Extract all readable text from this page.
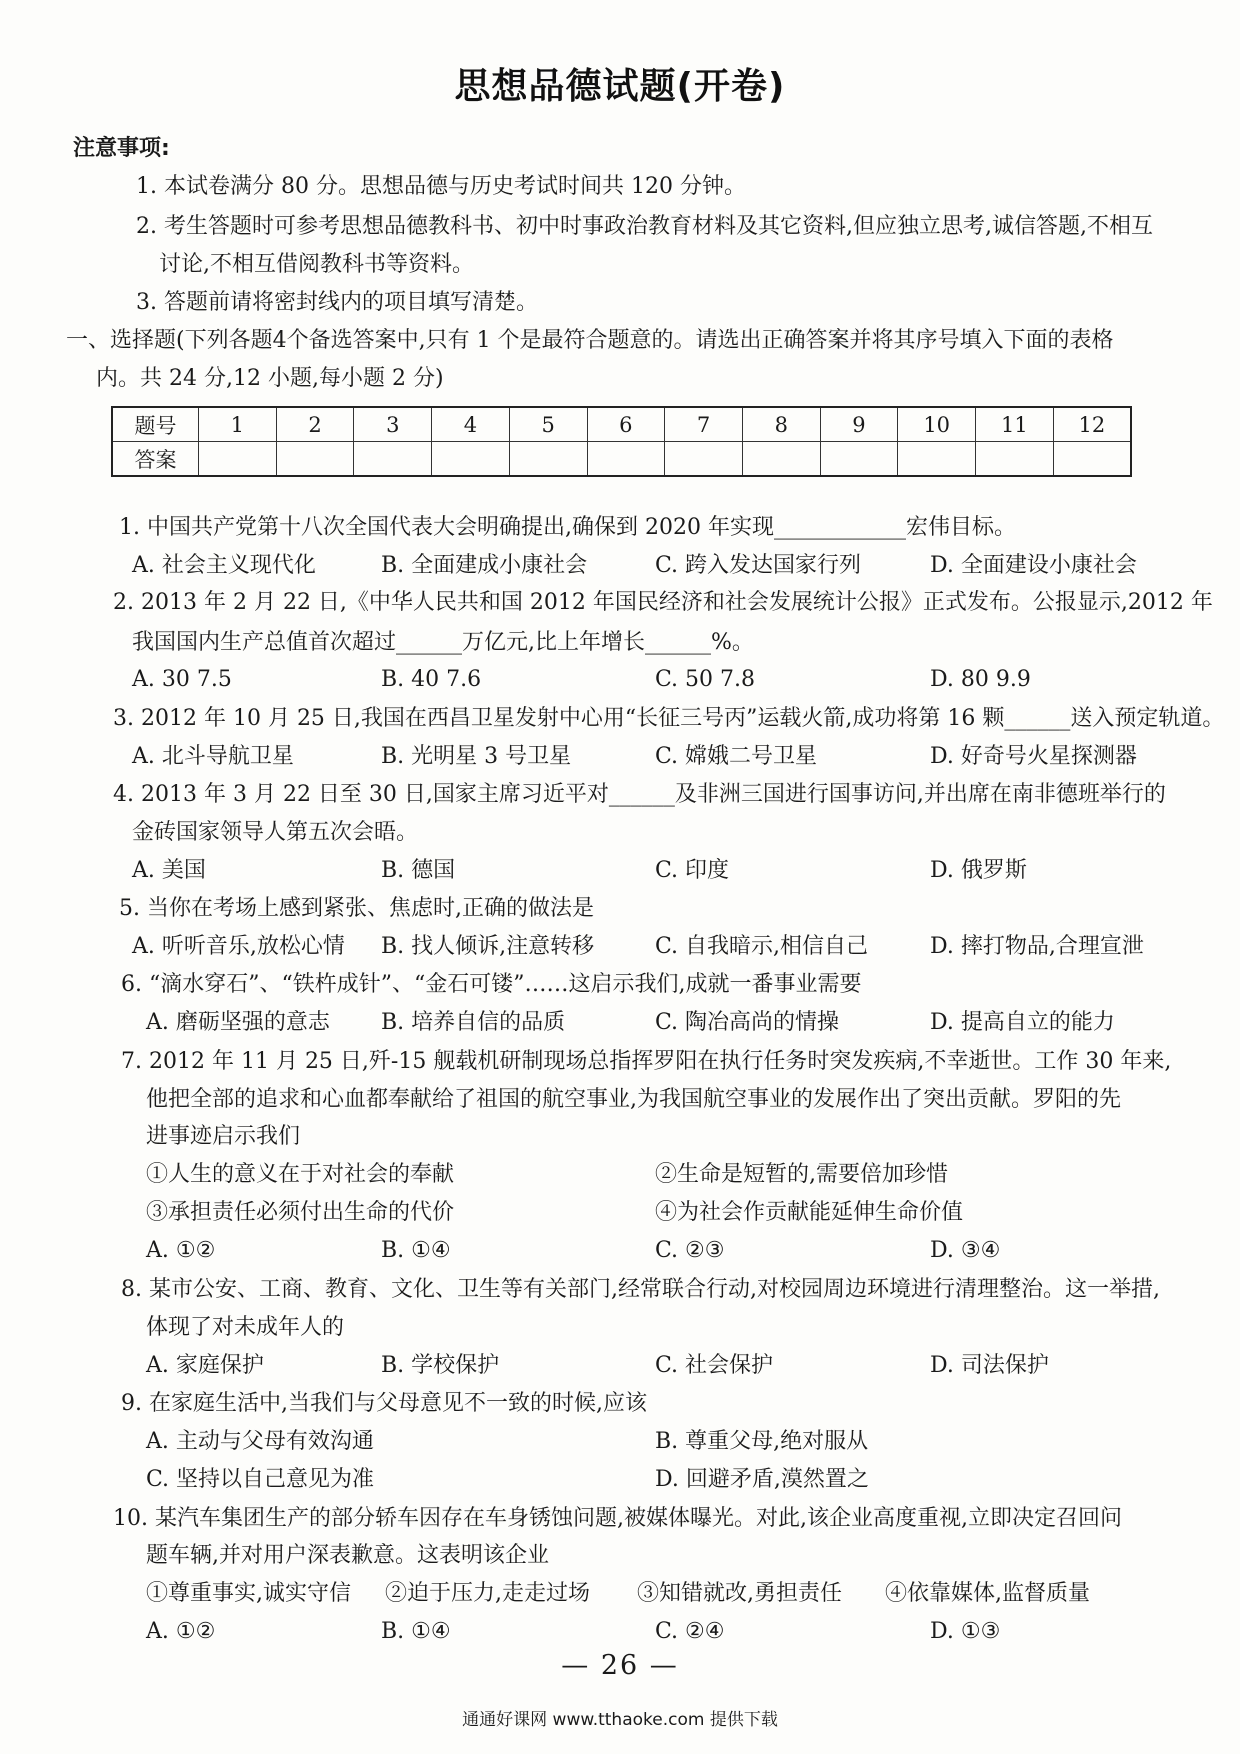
思想品德试题(开卷)
注意事项:
1. 本试卷满分 80 分。思想品德与历史考试时间共 120 分钟。
2. 考生答题时可参考思想品德教科书、初中时事政治教育材料及其它资料,但应独立思考,诚信答题,不相互
讨论,不相互借阅教科书等资料。
3. 答题前请将密封线内的项目填写清楚。
一、选择题(下列各题4个备选答案中,只有 1 个是最符合题意的。请选出正确答案并将其序号填入下面的表格
内。共 24 分,12 小题,每小题 2 分)
题号	1	2	3	4	5	6	7	8	9	10	11	12
答案												
1. 中国共产党第十八次全国代表大会明确提出,确保到 2020 年实现____________宏伟目标。
A. 社会主义现代化	B. 全面建成小康社会	C. 跨入发达国家行列	D. 全面建设小康社会
2. 2013 年 2 月 22 日,《中华人民共和国 2012 年国民经济和社会发展统计公报》正式发布。公报显示,2012 年
我国国内生产总值首次超过______万亿元,比上年增长______%。
A. 30 7.5	B. 40 7.6	C. 50 7.8	D. 80 9.9
3. 2012 年 10 月 25 日,我国在西昌卫星发射中心用“长征三号丙”运载火箭,成功将第 16 颗______送入预定轨道。
A. 北斗导航卫星	B. 光明星 3 号卫星	C. 嫦娥二号卫星	D. 好奇号火星探测器
4. 2013 年 3 月 22 日至 30 日,国家主席习近平对______及非洲三国进行国事访问,并出席在南非德班举行的
金砖国家领导人第五次会晤。
A. 美国	B. 德国	C. 印度	D. 俄罗斯
5. 当你在考场上感到紧张、焦虑时,正确的做法是
A. 听听音乐,放松心情 B. 找人倾诉,注意转移	C. 自我暗示,相信自己	D. 摔打物品,合理宣泄
6. “滴水穿石”、“铁杵成针”、“金石可镂”……这启示我们,成就一番事业需要
A. 磨砺坚强的意志 B. 培养自信的品质	C. 陶冶高尚的情操	D. 提高自立的能力
7. 2012 年 11 月 25 日,歼-15 舰载机研制现场总指挥罗阳在执行任务时突发疾病,不幸逝世。工作 30 年来,
他把全部的追求和心血都奉献给了祖国的航空事业,为我国航空事业的发展作出了突出贡献。罗阳的先
进事迹启示我们
①人生的意义在于对社会的奉献	②生命是短暂的,需要倍加珍惜
③承担责任必须付出生命的代价	④为社会作贡献能延伸生命价值
A. ①②	B. ①④	C. ②③	D. ③④
8. 某市公安、工商、教育、文化、卫生等有关部门,经常联合行动,对校园周边环境进行清理整治。这一举措,
体现了对未成年人的
A. 家庭保护	B. 学校保护	C. 社会保护	D. 司法保护
9. 在家庭生活中,当我们与父母意见不一致的时候,应该
A. 主动与父母有效沟通	B. 尊重父母,绝对服从
C. 坚持以自己意见为准	D. 回避矛盾,漠然置之
10. 某汽车集团生产的部分轿车因存在车身锈蚀问题,被媒体曝光。对此,该企业高度重视,立即决定召回问
题车辆,并对用户深表歉意。这表明该企业
①尊重事实,诚实守信 ②迫于压力,走走过场 ③知错就改,勇担责任 ④依靠媒体,监督质量
A. ①②	B. ①④	C. ②④	D. ①③
— 26 —
通通好课网 www.tthaoke.com 提供下载
